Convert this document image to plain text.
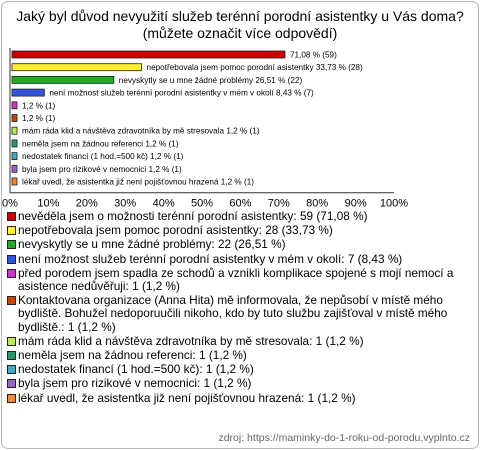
Jaký byl důvod nevyužití služeb terénní porodní asistentky u Vás doma? (můžete označit více odpovědí)
71,08 % (59)
nepotřebovala jsem pomoc porodní asistentky 33,73 % (28)
nevyskytly se u mne žádné problémy 26,51 % (22)
není možnost služeb terénní porodní asistentky v mém v okolí 8,43 % (7)
1,2 % (1)
1,2 % (1)
mám ráda klid a návštěva zdravotníka by mě stresovala 1,2 % (1)
neměla jsem na žádnou referenci 1,2 % (1)
nedostatek financí (1 hod.=500 kč) 1,2 % (1)
byla jsem pro rizikové v nemocnici 1,2 % (1)
lékař uvedl, že asistentka již není pojišťovnou hrazená 1,2 % (1)
0% 10% 20% 30% 40% 50% 60% 70% 80% 90% 100%
nevěděla jsem o možnosti terénní porodní asistentky: 59 (71,08 %)
nepotřebovala jsem pomoc porodní asistentky: 28 (33,73 %)
nevyskytly se u mne žádné problémy: 22 (26,51 %)
není možnost služeb terénní porodní asistentky v mém v okolí: 7 (8,43 %)
před porodem jsem spadla ze schodů a vznikli komplikace spojené s mojí nemocí a asistence nedůvěřuji: 1 (1,2 %)
Kontaktovana organizace (Anna Hita) mě informovala, že nepůsobí v místě mého bydliště. Bohužel nedoporuučili nikoho, kdo by tuto službu zajišťoval v místě mého bydliště.: 1 (1,2 %)
mám ráda klid a návštěva zdravotníka by mě stresovala: 1 (1,2 %)
neměla jsem na žádnou referenci: 1 (1,2 %)
nedostatek financí (1 hod.=500 kč): 1 (1,2 %)
byla jsem pro rizikové v nemocnici: 1 (1,2 %)
lékař uvedl, že asistentka již není pojišťovnou hrazená: 1 (1,2 %)
zdroj: https://maminky-do-1-roku-od-porodu.vyplnto.cz
